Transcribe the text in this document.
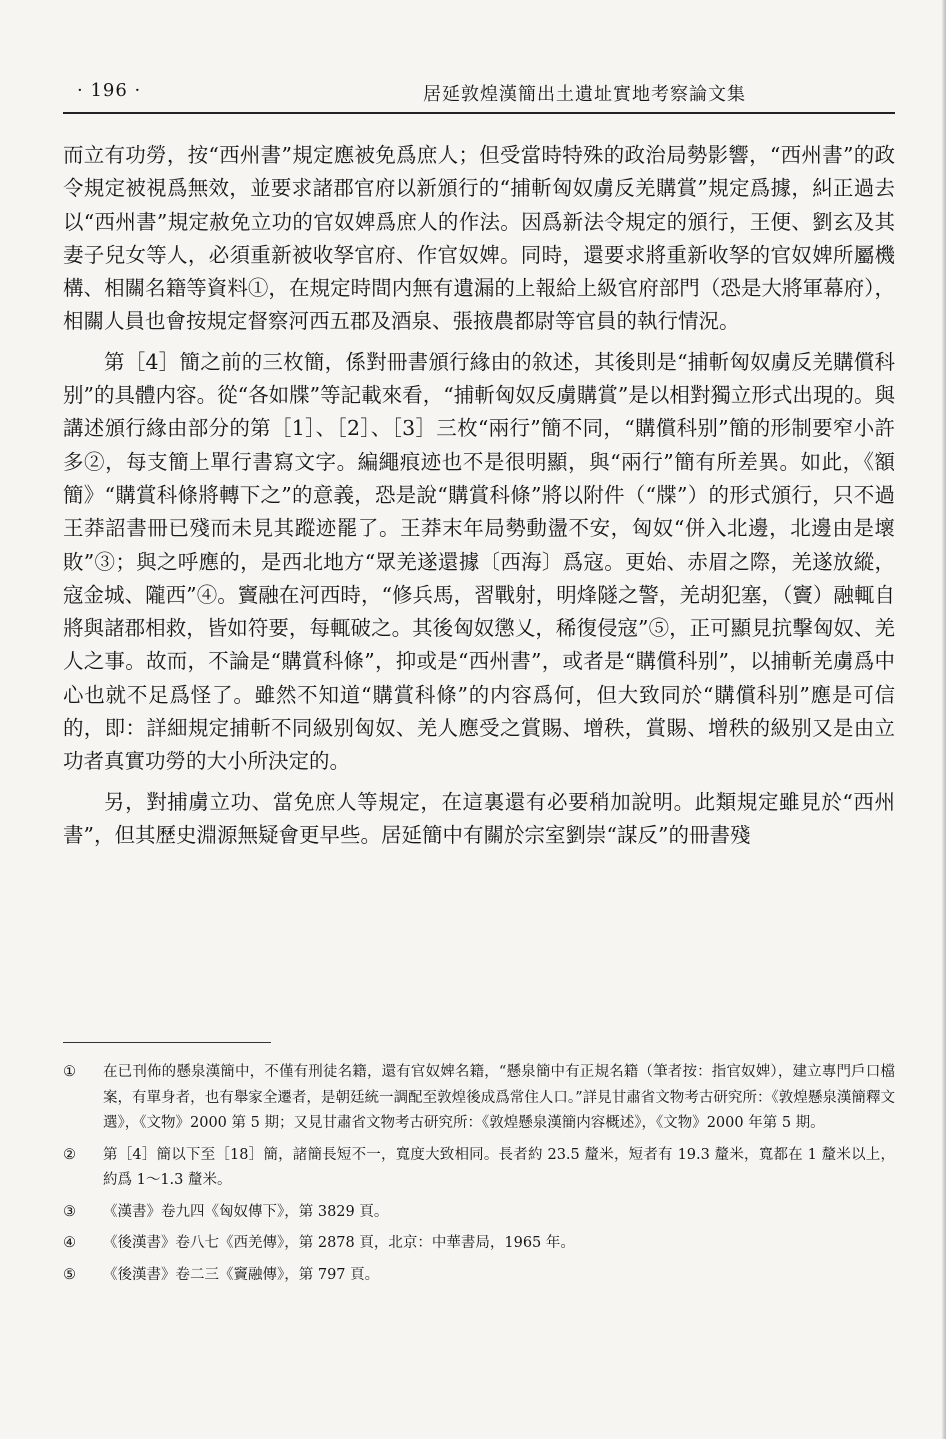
· 196 ·	居延敦煌漢簡出土遺址實地考察論文集

而立有功勞，按“西州書”規定應被免爲庶人；但受當時特殊的政治局勢影響，“西州書”的政令規定被視爲無效，並要求諸郡官府以新頒行的“捕斬匈奴虜反羌購賞”規定爲據，糾正過去以“西州書”規定赦免立功的官奴婢爲庶人的作法。因爲新法令規定的頒行，王便、劉玄及其妻子兒女等人，必須重新被收孥官府、作官奴婢。同時，還要求將重新收孥的官奴婢所屬機構、相關名籍等資料①，在規定時間内無有遺漏的上報給上級官府部門（恐是大將軍幕府），相關人員也會按規定督察河西五郡及酒泉、張掖農都尉等官員的執行情況。

第［4］簡之前的三枚簡，係對冊書頒行緣由的敘述，其後則是“捕斬匈奴虜反羌購償科别”的具體内容。從“各如牒”等記載來看，“捕斬匈奴反虜購賞”是以相對獨立形式出現的。與講述頒行緣由部分的第［1］、［2］、［3］三枚“兩行”簡不同，“購償科别”簡的形制要窄小許多②，每支簡上單行書寫文字。編繩痕迹也不是很明顯，與“兩行”簡有所差異。如此，《額簡》“購賞科條將轉下之”的意義，恐是說“購賞科條”將以附件（“牒”）的形式頒行，只不過王莽詔書冊已殘而未見其蹤迹罷了。王莽末年局勢動盪不安，匈奴“併入北邊，北邊由是壞敗”③；與之呼應的，是西北地方“眾羌遂還據〔西海〕爲寇。更始、赤眉之際，羌遂放縱，寇金城、隴西”④。竇融在河西時，“修兵馬，習戰射，明烽隧之警，羌胡犯塞，（竇）融輒自將與諸郡相救，皆如符要，每輒破之。其後匈奴懲乂，稀復侵寇”⑤，正可顯見抗擊匈奴、羌人之事。故而，不論是“購賞科條”，抑或是“西州書”，或者是“購償科别”，以捕斬羌虜爲中心也就不足爲怪了。雖然不知道“購賞科條”的内容爲何，但大致同於“購償科别”應是可信的，即：詳細規定捕斬不同級别匈奴、羌人應受之賞賜、增秩，賞賜、增秩的級别又是由立功者真實功勞的大小所決定的。

另，對捕虜立功、當免庶人等規定，在這裏還有必要稍加說明。此類規定雖見於“西州書”，但其歷史淵源無疑會更早些。居延簡中有關於宗室劉崇“謀反”的冊書殘

① 在已刊佈的懸泉漢簡中，不僅有刑徒名籍，還有官奴婢名籍，“懸泉簡中有正規名籍（筆者按：指官奴婢），建立專門戶口檔案，有單身者，也有舉家全遷者，是朝廷統一調配至敦煌後成爲常住人口。”詳見甘肅省文物考古研究所：《敦煌懸泉漢簡釋文選》，《文物》2000 第 5 期；又見甘肅省文物考古研究所：《敦煌懸泉漢簡内容概述》，《文物》2000 年第 5 期。
② 第［4］簡以下至［18］簡，諸簡長短不一，寬度大致相同。長者約 23.5 釐米，短者有 19.3 釐米，寬都在 1 釐米以上，約爲 1～1.3 釐米。
③ 《漢書》卷九四《匈奴傳下》，第 3829 頁。
④ 《後漢書》卷八七《西羌傳》，第 2878 頁，北京：中華書局，1965 年。
⑤ 《後漢書》卷二三《竇融傳》，第 797 頁。
